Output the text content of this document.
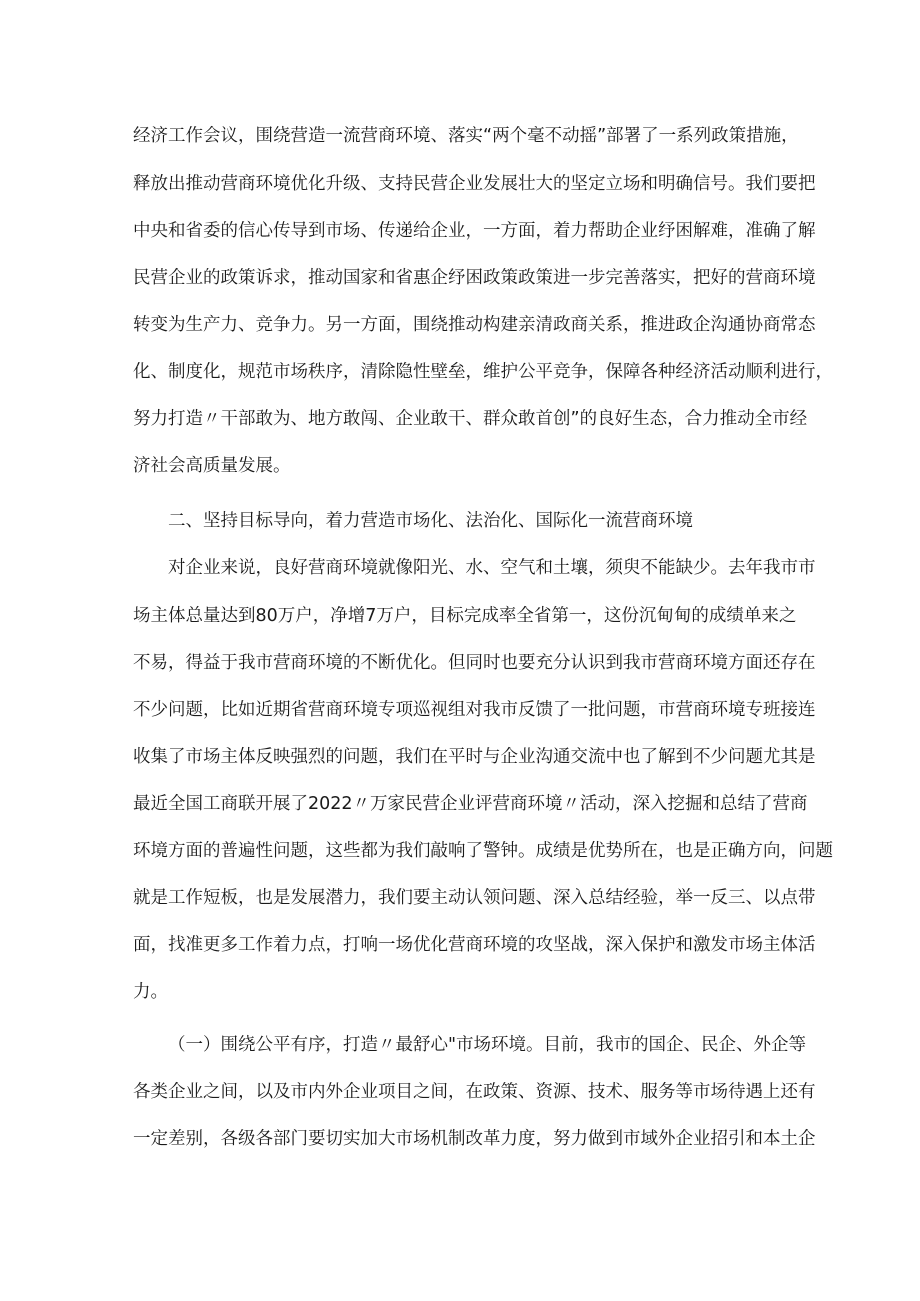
经济工作会议，围绕营造一流营商环境、落实“两个毫不动摇”部署了一系列政策措施，
释放出推动营商环境优化升级、支持民营企业发展壮大的坚定立场和明确信号。我们要把
中央和省委的信心传导到市场、传递给企业，一方面，着力帮助企业纾困解难，准确了解
民营企业的政策诉求，推动国家和省惠企纾困政策政策进一步完善落实，把好的营商环境
转变为生产力、竞争力。另一方面，围绕推动构建亲清政商关系，推进政企沟通协商常态
化、制度化，规范市场秩序，清除隐性壁垒，维护公平竞争，保障各种经济活动顺利进行，
努力打造〃干部敢为、地方敢闯、企业敢干、群众敢首创”的良好生态，合力推动全市经
济社会高质量发展。
二、坚持目标导向，着力营造市场化、法治化、国际化一流营商环境
对企业来说，良好营商环境就像阳光、水、空气和土壤，须臾不能缺少。去年我市市
场主体总量达到80万户，净增7万户，目标完成率全省第一，这份沉甸甸的成绩单来之
不易，得益于我市营商环境的不断优化。但同时也要充分认识到我市营商环境方面还存在
不少问题，比如近期省营商环境专项巡视组对我市反馈了一批问题，市营商环境专班接连
收集了市场主体反映强烈的问题，我们在平时与企业沟通交流中也了解到不少问题尤其是
最近全国工商联开展了2022〃万家民营企业评营商环境〃活动，深入挖掘和总结了营商
环境方面的普遍性问题，这些都为我们敲响了警钟。成绩是优势所在，也是正确方向，问题
就是工作短板，也是发展潜力，我们要主动认领问题、深入总结经验，举一反三、以点带
面，找准更多工作着力点，打响一场优化营商环境的攻坚战，深入保护和激发市场主体活
力。
（一）围绕公平有序，打造〃最舒心"市场环境。目前，我市的国企、民企、外企等
各类企业之间，以及市内外企业项目之间，在政策、资源、技术、服务等市场待遇上还有
一定差别，各级各部门要切实加大市场机制改革力度，努力做到市域外企业招引和本土企
